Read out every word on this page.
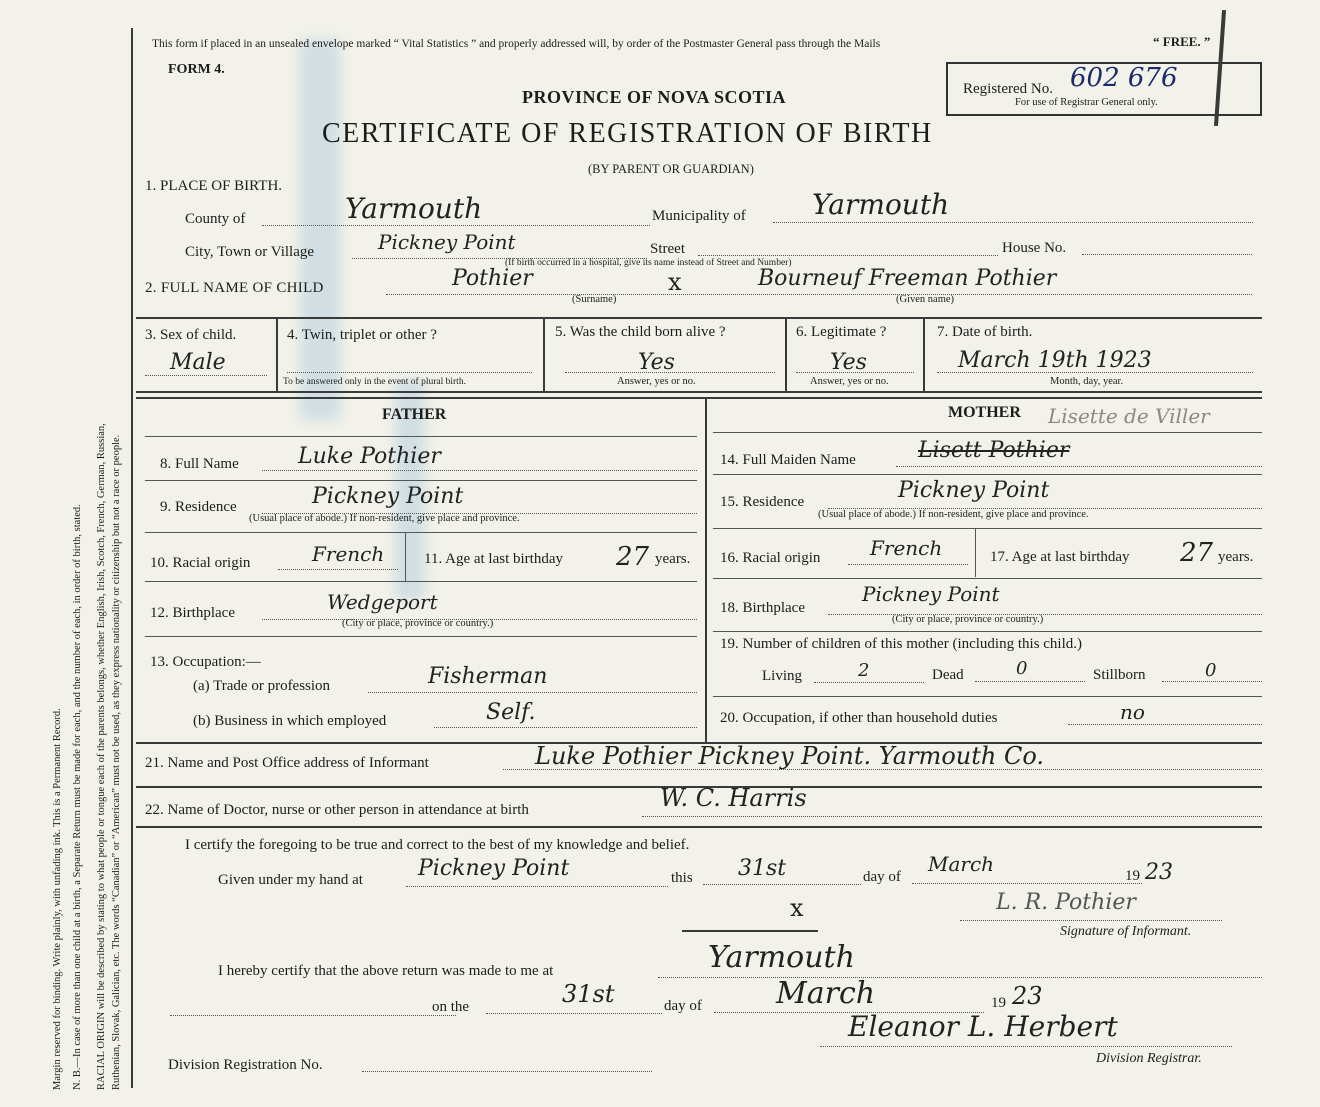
Margin reserved for binding. Write plainly, with unfading ink. This is a Permanent Record. N. B.—In case of more than one child at a birth, a Separate Return must be made for each, and the number of each, in order of birth, stated. RACIAL ORIGIN will be described by stating to what people or tongue each of the parents belongs, whether English, Irish, Scotch, French, German, Russian, Ruthenian, Slovak, Galician, etc. The words “Canadian” or “American” must not be used, as they express nationality or citizenship but not a race or people.
This form if placed in an unsealed envelope marked “ Vital Statistics ” and properly addressed will, by order of the Postmaster General pass through the Mails	“ FREE. ”
FORM 4.
PROVINCE OF NOVA SCOTIA
CERTIFICATE OF REGISTRATION OF BIRTH
(BY PARENT OR GUARDIAN)
Registered No. 602 676
For use of Registrar General only.
1. PLACE OF BIRTH.
County of	Yarmouth	Municipality of Yarmouth
City, Town or Village	Pickney Point	Street	House No.
(If birth occurred in a hospital, give its name instead of Street and Number)
2. FULL NAME OF CHILD	Pothier	x	Bourneuf Freeman Pothier
(Surname)	(Given name)
3. Sex of child.
Male
4. Twin, triplet or other ?
To be answered only in the event of plural birth.
5. Was the child born alive ?
Yes
Answer, yes or no.
6. Legitimate ?
Yes
Answer, yes or no.
7. Date of birth.
March 19th 1923
Month, day, year.
FATHER	MOTHER Lisette de Viller
8. Full Name	Luke Pothier
9. Residence	Pickney Point
(Usual place of abode.) If non-resident, give place and province.
10. Racial origin	French	11. Age at last birthday 27 years.
12. Birthplace	Wedgeport
(City or place, province or country.)
13. Occupation:—
(a) Trade or profession	Fisherman
(b) Business in which employed	Self.
14. Full Maiden Name	Lisett Pothier
15. Residence	Pickney Point
(Usual place of abode.) If non-resident, give place and province.
16. Racial origin French	17. Age at last birthday 27 years.
18. Birthplace
Pickney Point
(City or place, province or country.)
19. Number of children of this mother (including this child.)
Living	2	Dead	0	Stillborn	0
20. Occupation, if other than household duties	no
21. Name and Post Office address of Informant	Luke Pothier Pickney Point. Yarmouth Co.
22. Name of Doctor, nurse or other person in attendance at birth	W. C. Harris
I certify the foregoing to be true and correct to the best of my knowledge and belief.
Given under my hand at	Pickney Point	this 31st	day of
March	19 23
x	L. R. Pothier
Signature of Informant.
I hereby certify that the above return was made to me at	Yarmouth
on the	31st	day of March	19 23
Eleanor L. Herbert
Division Registrar.
Division Registration No.
